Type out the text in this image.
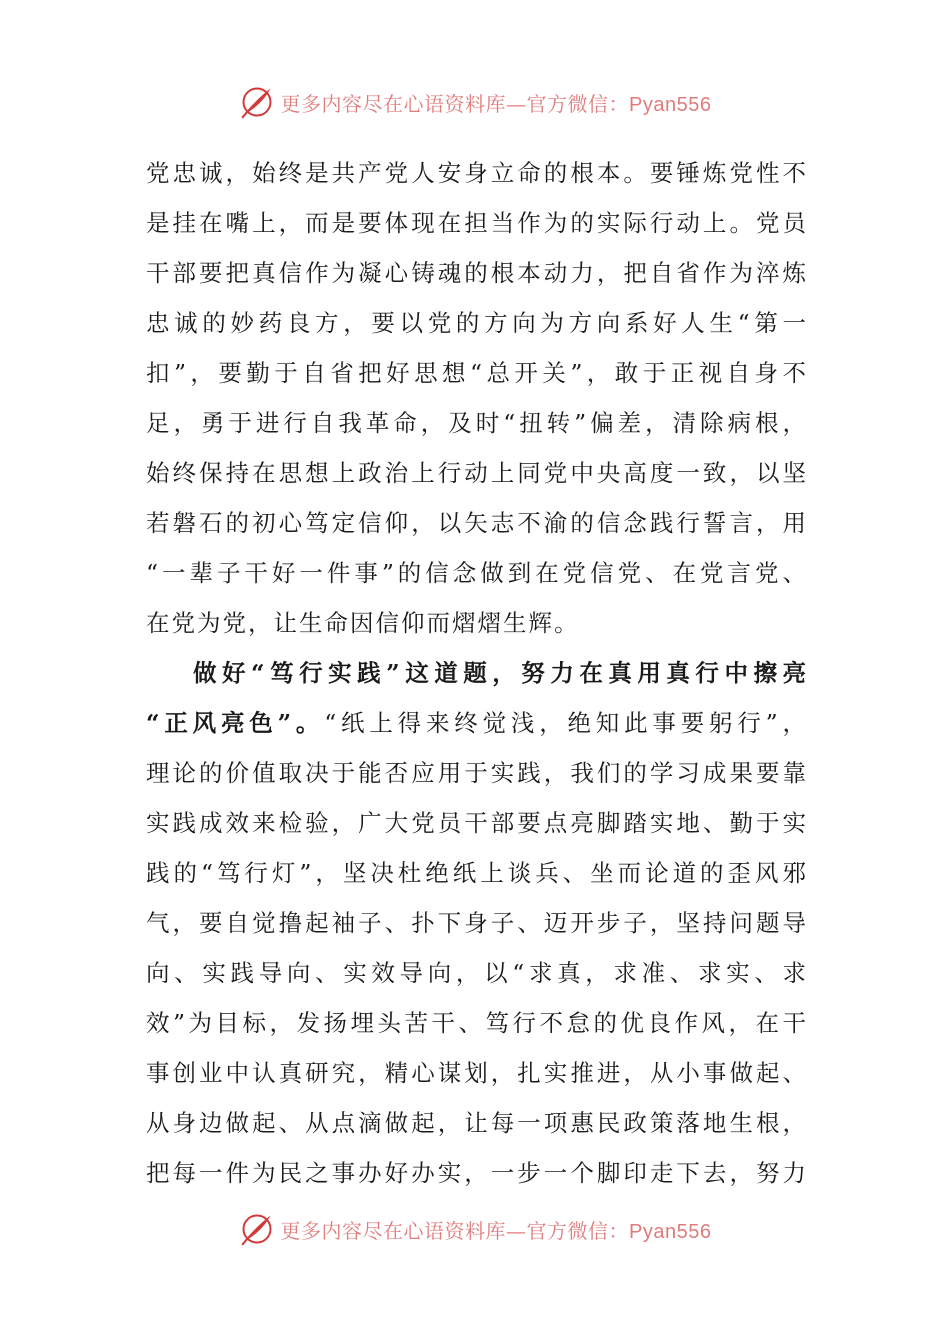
更多内容尽在心语资料库—官方微信：Pyan556
党忠诚，始终是共产党人安身立命的根本。要锤炼党性不
是挂在嘴上，而是要体现在担当作为的实际行动上。党员
干部要把真信作为凝心铸魂的根本动力，把自省作为淬炼
忠诚的妙药良方，要以党的方向为方向系好人生“第一
扣”，要勤于自省把好思想“总开关”，敢于正视自身不
足，勇于进行自我革命，及时“扭转”偏差，清除病根，
始终保持在思想上政治上行动上同党中央高度一致，以坚
若磐石的初心笃定信仰，以矢志不渝的信念践行誓言，用
“一辈子干好一件事”的信念做到在党信党、在党言党、
在党为党，让生命因信仰而熠熠生辉。
做好“笃行实践”这道题，努力在真用真行中擦亮
“正风亮色”。“纸上得来终觉浅，绝知此事要躬行”，
理论的价值取决于能否应用于实践，我们的学习成果要靠
实践成效来检验，广大党员干部要点亮脚踏实地、勤于实
践的“笃行灯”，坚决杜绝纸上谈兵、坐而论道的歪风邪
气，要自觉撸起袖子、扑下身子、迈开步子，坚持问题导
向、实践导向、实效导向，以“求真，求准、求实、求
效”为目标，发扬埋头苦干、笃行不怠的优良作风，在干
事创业中认真研究，精心谋划，扎实推进，从小事做起、
从身边做起、从点滴做起，让每一项惠民政策落地生根，
把每一件为民之事办好办实，一步一个脚印走下去，努力
更多内容尽在心语资料库—官方微信：Pyan556
